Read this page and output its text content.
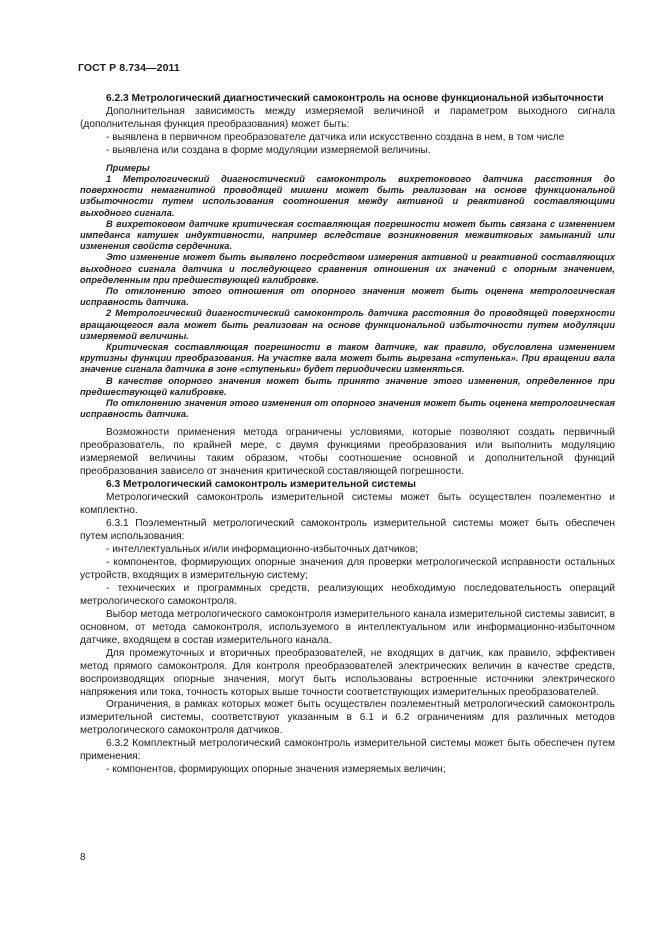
ГОСТ Р 8.734—2011

6.2.3 Метрологический диагностический самоконтроль на основе функциональной избыточности

Дополнительная зависимость между измеряемой величиной и параметром выходного сигнала (дополнительная функция преобразования) может быть:

- выявлена в первичном преобразователе датчика или искусственно создана в нем, в том числе

- выявлена или создана в форме модуляции измеряемой величины.

Примеры

1 Метрологический диагностический самоконтроль вихретокового датчика расстояния до поверхности немагнитной проводящей мишени может быть реализован на основе функциональной избыточности путем использования соотношения между активной и реактивной составляющими выходного сигнала.

В вихретоковом датчике критическая составляющая погрешности может быть связана с изменением импеданса катушек индуктивности, например вследствие возникновения межвитковых замыканий или изменения свойств сердечника.

Это изменение может быть выявлено посредством измерения активной и реактивной составляющих выходного сигнала датчика и последующего сравнения отношения их значений с опорным значением, определенным при предшествующей калибровке.

По отклонению этого отношения от опорного значения может быть оценена метрологическая исправность датчика.

2 Метрологический диагностический самоконтроль датчика расстояния до проводящей поверхности вращающегося вала может быть реализован на основе функциональной избыточности путем модуляции измеряемой величины.

Критическая составляющая погрешности в таком датчике, как правило, обусловлена изменением крутизны функции преобразования. На участке вала может быть вырезана «ступенька». При вращении вала значение сигнала датчика в зоне «ступеньки» будет периодически изменяться.

В качестве опорного значения может быть принято значение этого изменения, определенное при предшествующей калибровке.

По отклонению значения этого изменения от опорного значения может быть оценена метрологическая исправность датчика.

Возможности применения метода ограничены условиями, которые позволяют создать первичный преобразователь, по крайней мере, с двумя функциями преобразования или выполнить модуляцию измеряемой величины таким образом, чтобы соотношение основной и дополнительной функций преобразования зависело от значения критической составляющей погрешности.

6.3 Метрологический самоконтроль измерительной системы

Метрологический самоконтроль измерительной системы может быть осуществлен поэлементно и комплектно.

6.3.1 Поэлементный метрологический самоконтроль измерительной системы может быть обеспечен путем использования:

- интеллектуальных и/или информационно-избыточных датчиков;

- компонентов, формирующих опорные значения для проверки метрологической исправности остальных устройств, входящих в измерительную систему;

- технических и программных средств, реализующих необходимую последовательность операций метрологического самоконтроля.

Выбор метода метрологического самоконтроля измерительного канала измерительной системы зависит, в основном, от метода самоконтроля, используемого в интеллектуальном или информационно-избыточном датчике, входящем в состав измерительного канала.

Для промежуточных и вторичных преобразователей, не входящих в датчик, как правило, эффективен метод прямого самоконтроля. Для контроля преобразователей электрических величин в качестве средств, воспроизводящих опорные значения, могут быть использованы встроенные источники электрического напряжения или тока, точность которых выше точности соответствующих измерительных преобразователей.

Ограничения, в рамках которых может быть осуществлен поэлементный метрологический самоконтроль измерительной системы, соответствуют указанным в 6.1 и 6.2 ограничениям для различных методов метрологического самоконтроля датчиков.

6.3.2 Комплектный метрологический самоконтроль измерительной системы может быть обеспечен путем применения:

- компонентов, формирующих опорные значения измеряемых величин;

8
